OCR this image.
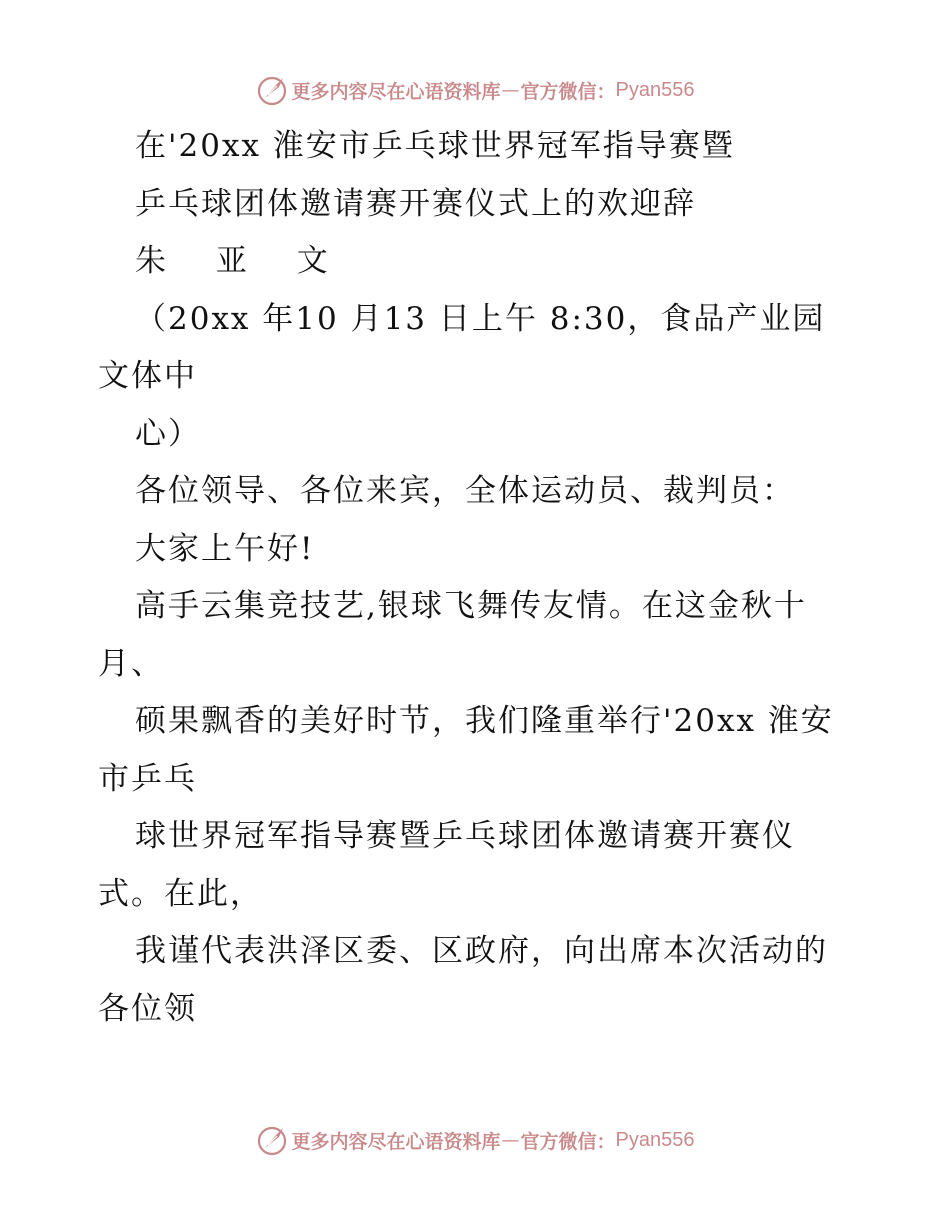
更多内容尽在心语资料库 — 官方微信： Pyan556
在'20xx 淮安市乒乓球世界冠军指导赛暨
乒乓球团体邀请赛开赛仪式上的欢迎辞
朱 亚 文
（20xx 年10 月13 日上午 8:30，食品产业园
文体中
心）
各位领导、各位来宾，全体运动员、裁判员：
大家上午好!
高手云集竞技艺,银球飞舞传友情。在这金秋十
月、
硕果飘香的美好时节，我们隆重举行'20xx 淮安
市乒乓
球世界冠军指导赛暨乒乓球团体邀请赛开赛仪
式。在此，
我谨代表洪泽区委、区政府，向出席本次活动的
各位领
更多内容尽在心语资料库 — 官方微信： Pyan556
